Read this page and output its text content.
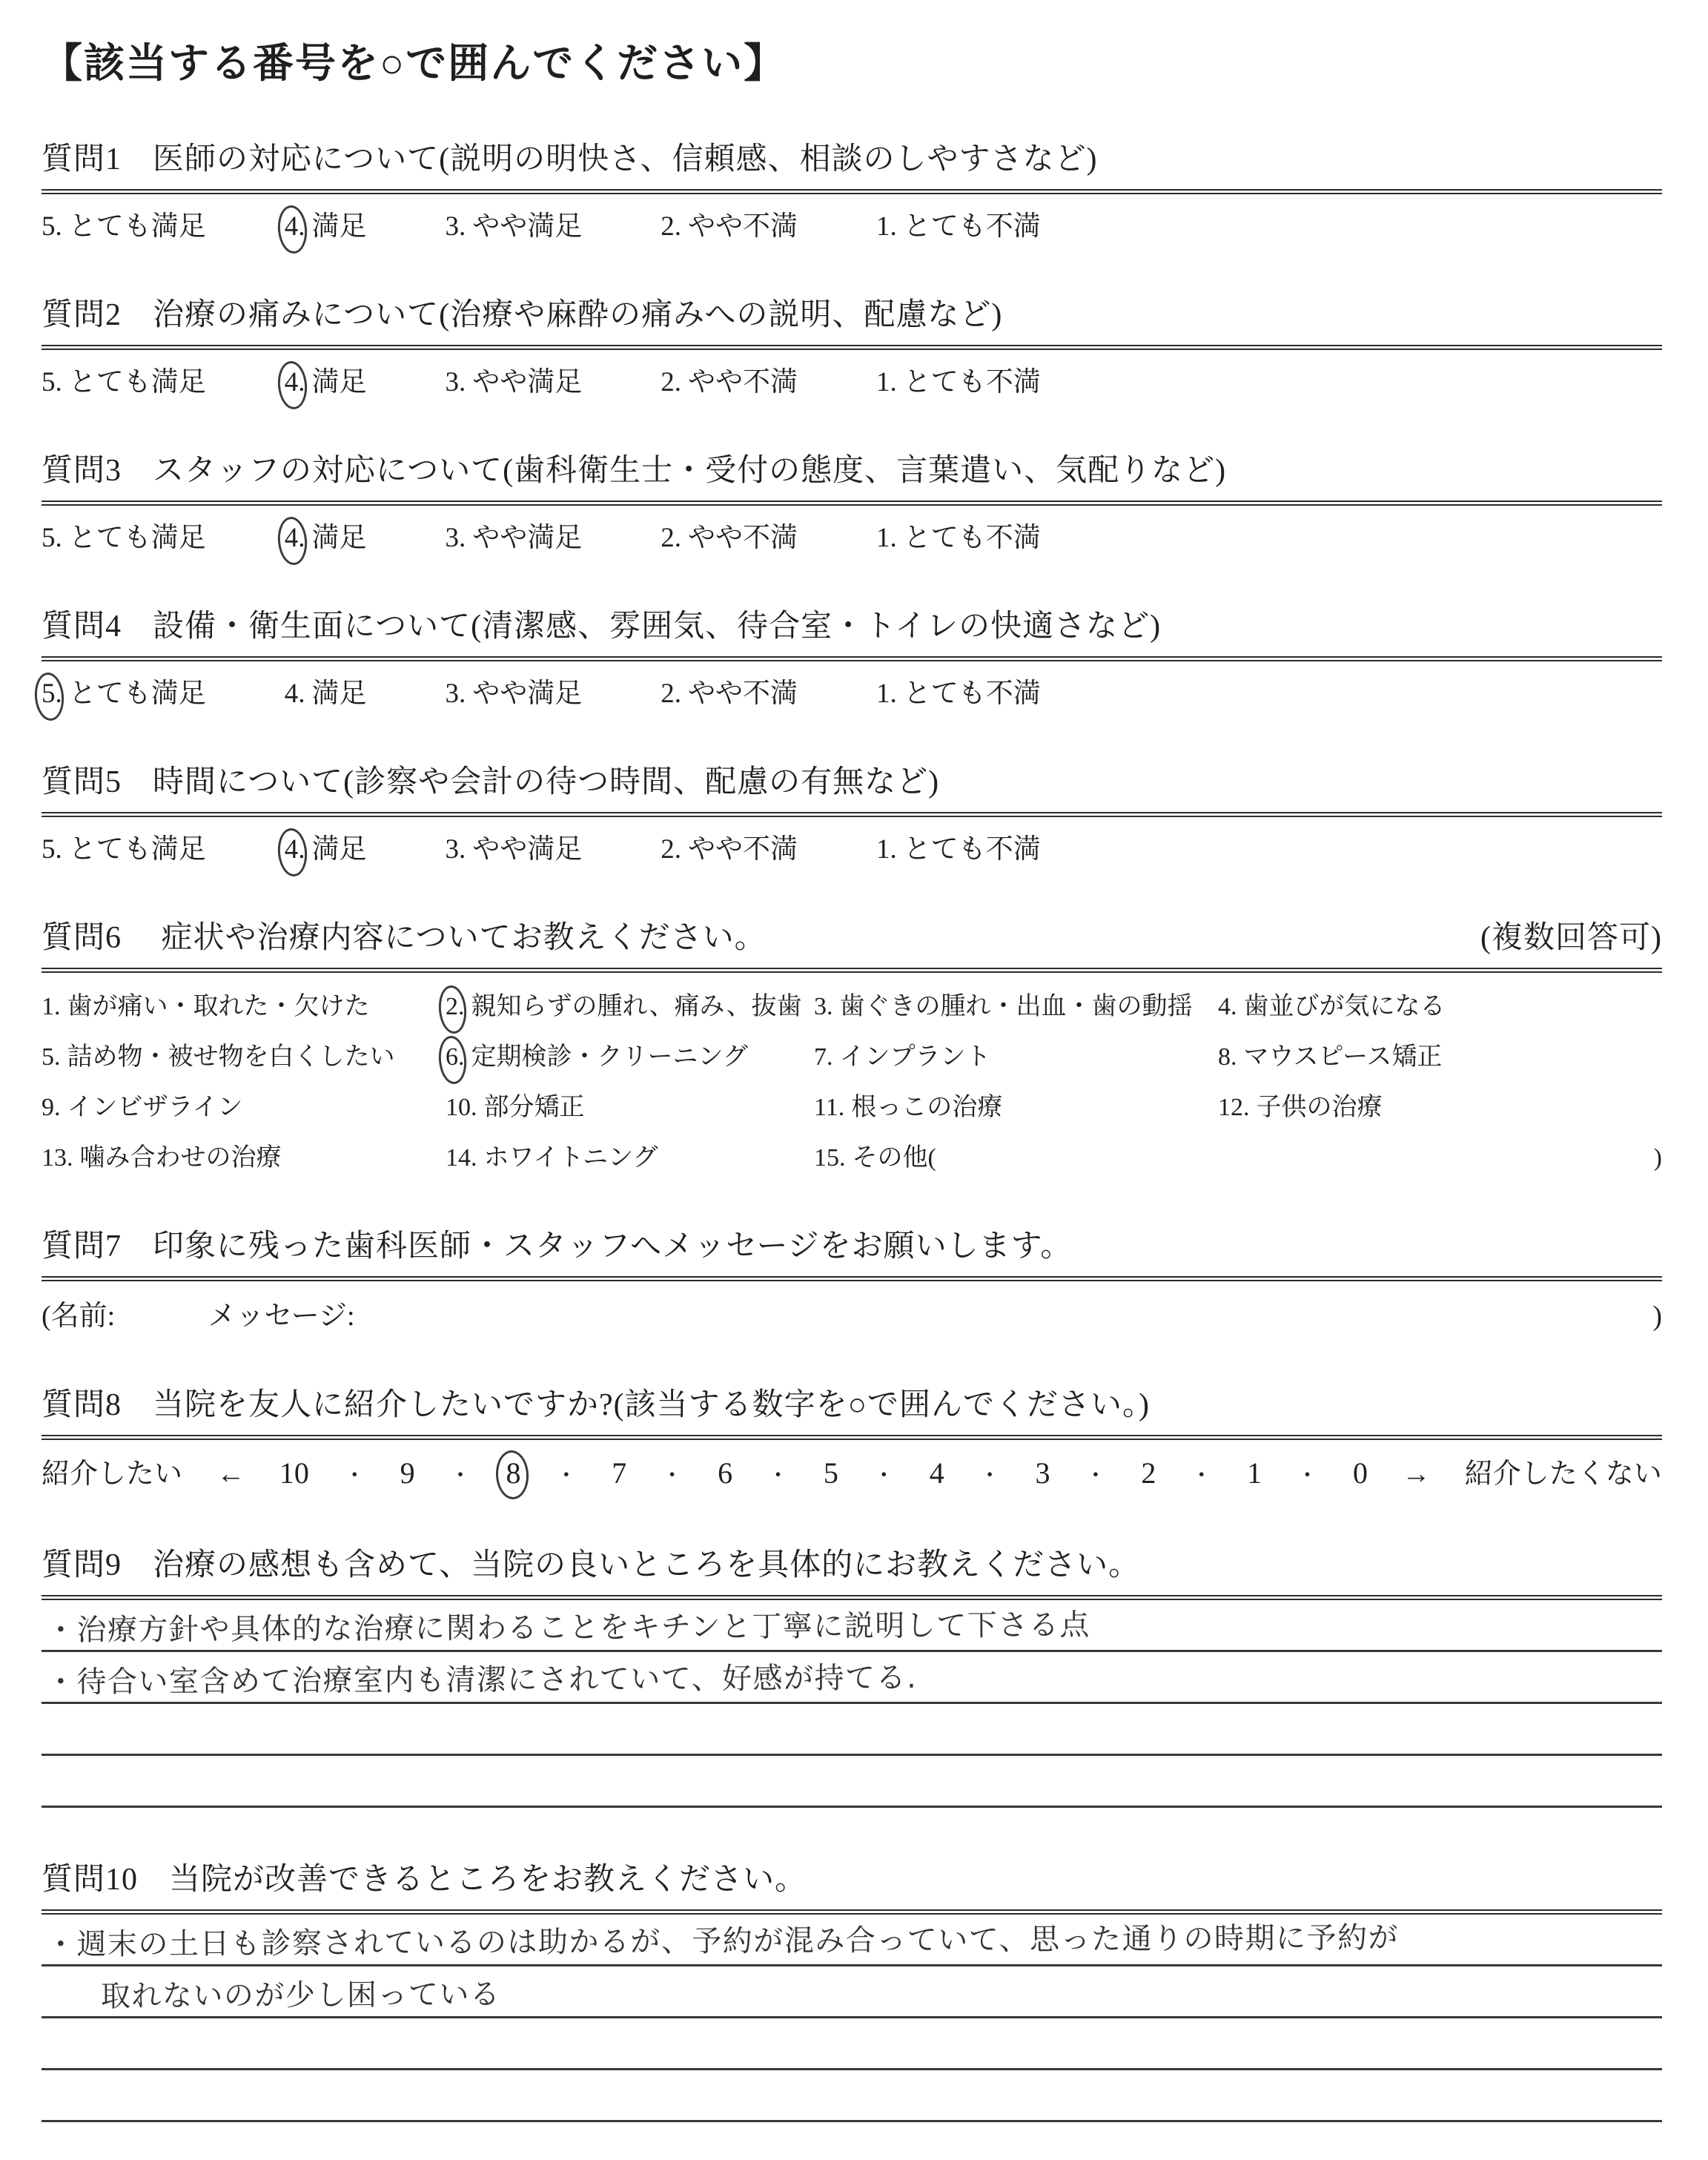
【該当する番号を○で囲んでください】
質問1 医師の対応について(説明の明快さ、信頼感、相談のしやすさなど)
5. とても満足	4. 満足	3. やや満足	2. やや不満	1. とても不満
質問2 治療の痛みについて(治療や麻酔の痛みへの説明、配慮など)
5. とても満足	4. 満足	3. やや満足	2. やや不満	1. とても不満
質問3 スタッフの対応について(歯科衛生士・受付の態度、言葉遣い、気配りなど)
5. とても満足	4. 満足	3. やや満足	2. やや不満	1. とても不満
質問4 設備・衛生面について(清潔感、雰囲気、待合室・トイレの快適さなど)
5. とても満足	4. 満足	3. やや満足	2. やや不満	1. とても不満
質問5 時間について(診察や会計の待つ時間、配慮の有無など)
5. とても満足	4. 満足	3. やや満足	2. やや不満	1. とても不満
質問6 症状や治療内容についてお教えください。	(複数回答可)
1. 歯が痛い・取れた・欠けた	2. 親知らずの腫れ、痛み、抜歯 3. 歯ぐきの腫れ・出血・歯の動揺	4. 歯並びが気になる
5. 詰め物・被せ物を白くしたい	6. 定期検診・クリーニング	7. インプラント	8. マウスピース矯正
9. インビザライン	10. 部分矯正	11. 根っこの治療	12. 子供の治療
13. 噛み合わせの治療	14. ホワイトニング	15. その他(	)
質問7 印象に残った歯科医師・スタッフへメッセージをお願いします。
(名前:	メッセージ:	)
質問8 当院を友人に紹介したいですか?(該当する数字を○で囲んでください。)
紹介したい ← 10 ・ 9 ・ 8 ・ 7 ・ 6 ・ 5 ・ 4 ・ 3 ・ 2 ・ 1 ・ 0 → 紹介したくない
質問9 治療の感想も含めて、当院の良いところを具体的にお教えください。
・治療方針や具体的な治療に関わることをキチンと丁寧に説明して下さる点
・待合い室含めて治療室内も清潔にされていて、好感が持てる.
質問10 当院が改善できるところをお教えください。
・週末の土日も診察されているのは助かるが、予約が混み合っていて、思った通りの時期に予約が
取れないのが少し困っている
